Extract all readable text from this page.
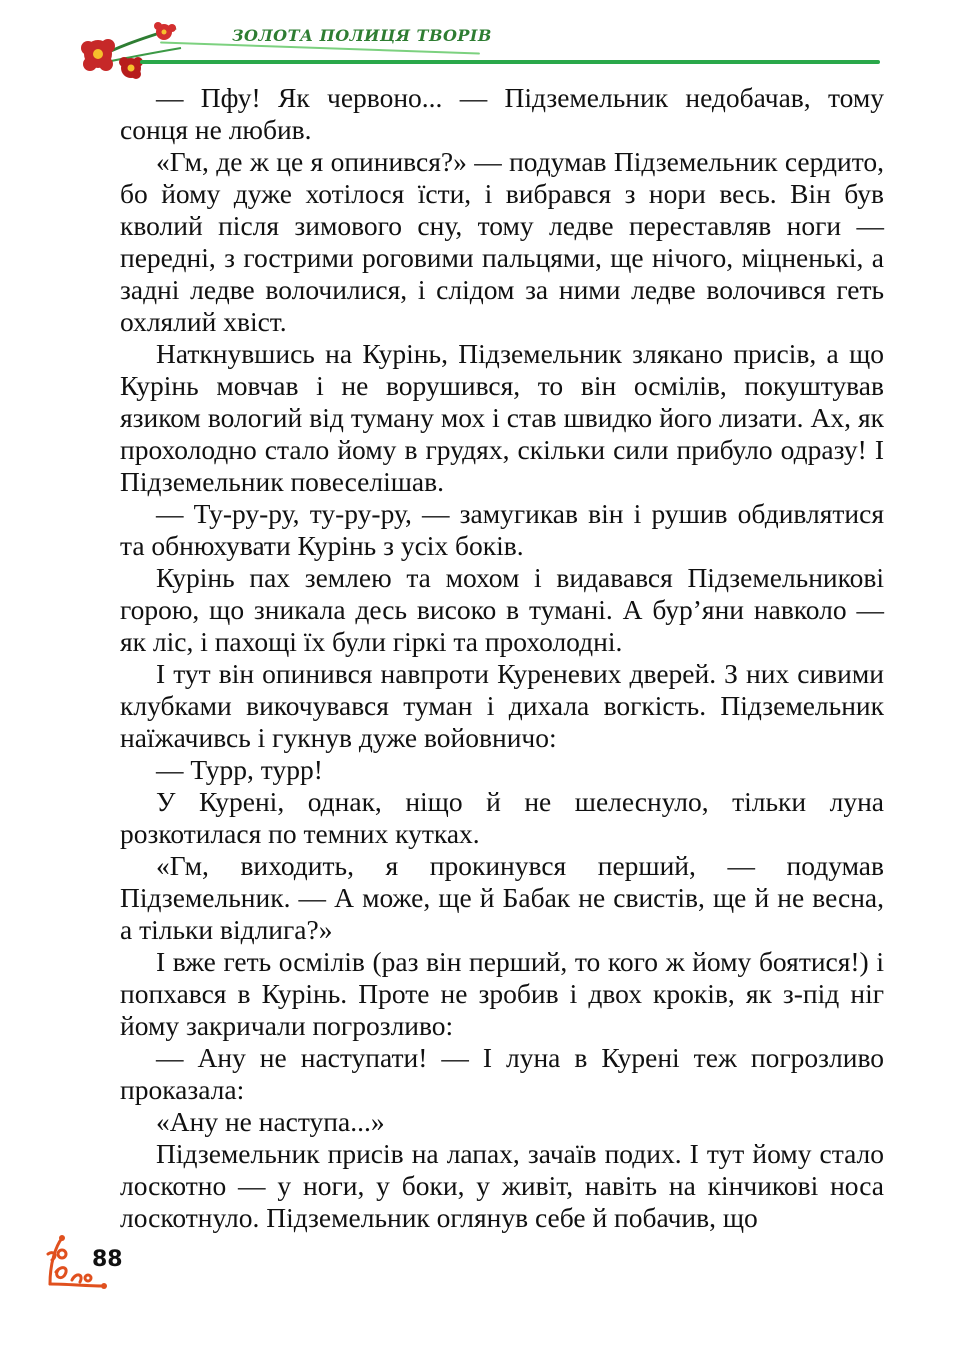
ЗОЛОТА ПОЛИЦЯ ТВОРІВ

— Пфу! Як червоно... — Підземельник недобачав, тому сонця не любив.

«Гм, де ж це я опинився?» — подумав Підземельник сердито, бо йому дуже хотілося їсти, і вибрався з нори весь. Він був кволий після зимового сну, тому ледве переставляв ноги — передні, з гострими роговими пальцями, ще нічого, міцненькі, а задні ледве волочилися, і слідом за ними ледве волочився геть охлялий хвіст.

Наткнувшись на Курінь, Підземельник злякано присів, а що Курінь мовчав і не ворушився, то він осмілів, покуштував язиком вологий від туману мох і став швидко його лизати. Ах, як прохолодно стало йому в грудях, скільки сили прибуло одразу! І Підземельник повеселішав.

— Ту-ру-ру, ту-ру-ру, — замугикав він і рушив обдивлятися та обнюхувати Курінь з усіх боків.

Курінь пах землею та мохом і видавався Підземельникові горою, що зникала десь високо в тумані. А бур’яни навколо — як ліс, і пахощі їх були гіркі та прохолодні.

І тут він опинився навпроти Куреневих дверей. З них сивими клубками викочувався туман і дихала вогкість. Підземельник наїжачивсь і гукнув дуже войовничо:

— Турр, турр!

У Курені, однак, ніщо й не шелеснуло, тільки луна розкотилася по темних кутках.

«Гм, виходить, я прокинувся перший, — подумав Підземельник. — А може, ще й Бабак не свистів, ще й не весна, а тільки відлига?»

І вже геть осмілів (раз він перший, то кого ж йому боятися!) і попхався в Курінь. Проте не зробив і двох кроків, як з-під ніг йому закричали погрозливо:

— Ану не наступати! — І луна в Курені теж погрозливо проказала:

«Ану не наступа...»

Підземельник присів на лапах, зачаїв подих. І тут йому стало лоскотно — у ноги, у боки, у живіт, навіть на кінчикові носа лоскотнуло. Підземельник оглянув себе й побачив, що

88
